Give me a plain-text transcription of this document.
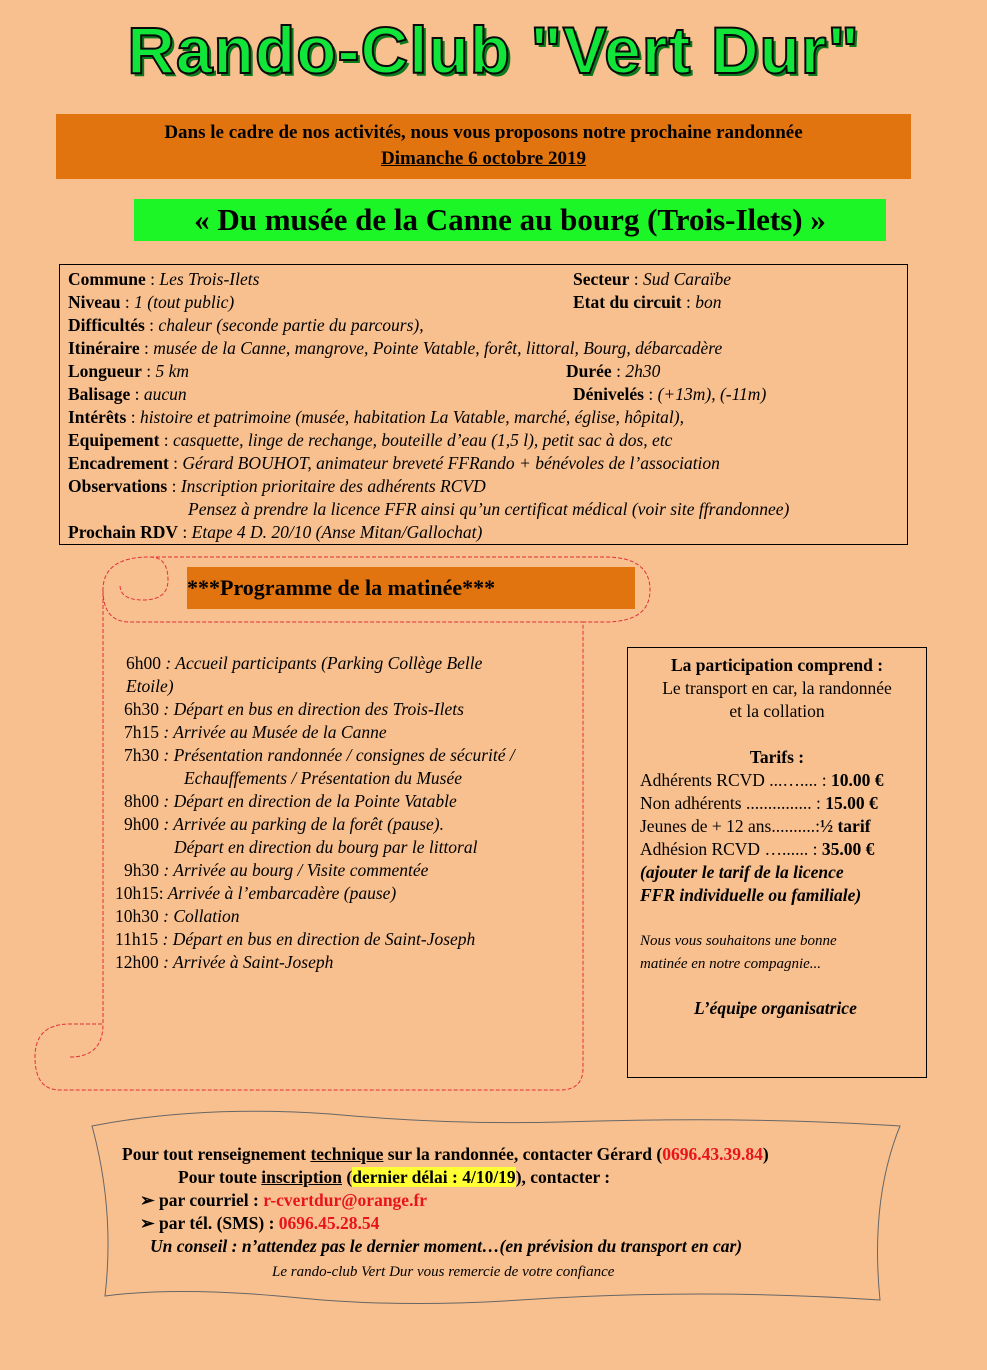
Rando-Club "Vert Dur"
Dans le cadre de nos activités, nous vous proposons notre prochaine randonnée
Dimanche 6 octobre 2019
« Du musée de la Canne au bourg (Trois-Ilets) »
Commune : Les Trois-Ilets	Secteur : Sud Caraïbe
Niveau : 1 (tout public)	Etat du circuit : bon
Difficultés : chaleur (seconde partie du parcours),
Itinéraire : musée de la Canne, mangrove, Pointe Vatable, forêt, littoral, Bourg, débarcadère
Longueur : 5 km	Durée : 2h30
Balisage : aucun	Dénivelés : (+13m), (-11m)
Intérêts : histoire et patrimoine (musée, habitation La Vatable, marché, église, hôpital),
Equipement : casquette, linge de rechange, bouteille d’eau (1,5 l), petit sac à dos, etc
Encadrement : Gérard BOUHOT, animateur breveté FFRando + bénévoles de l’association
Observations : Inscription prioritaire des adhérents RCVD
Pensez à prendre la licence FFR ainsi qu’un certificat médical (voir site ffrandonnee)
Prochain RDV : Etape 4 D. 20/10 (Anse Mitan/Gallochat)
***Programme de la matinée***
6h00 : Accueil participants (Parking Collège Belle
Etoile)
6h30 : Départ en bus en direction des Trois-Ilets
7h15 : Arrivée au Musée de la Canne
7h30 : Présentation randonnée / consignes de sécurité /
Echauffements / Présentation du Musée
8h00 : Départ en direction de la Pointe Vatable
9h00 : Arrivée au parking de la forêt (pause).
Départ en direction du bourg par le littoral
9h30 : Arrivée au bourg / Visite commentée
10h15: Arrivée à l’embarcadère (pause)
10h30 : Collation
11h15 : Départ en bus en direction de Saint-Joseph
12h00 : Arrivée à Saint-Joseph
La participation comprend :
Le transport en car, la randonnée
et la collation
Tarifs :
Adhérents RCVD ...….... : 10.00 €
Non adhérents ............... : 15.00 €
Jeunes de + 12 ans..........:½ tarif
Adhésion RCVD …...... : 35.00 €
(ajouter le tarif de la licence
FFR individuelle ou familiale)
Nous vous souhaitons une bonne
matinée en notre compagnie...
L’équipe organisatrice
Pour tout renseignement technique sur la randonnée, contacter Gérard (0696.43.39.84)
Pour toute inscription (dernier délai : 4/10/19), contacter :
➢ par courriel : r-cvertdur@orange.fr
➢ par tél. (SMS) : 0696.45.28.54
Un conseil : n’attendez pas le dernier moment…(en prévision du transport en car)
Le rando-club Vert Dur vous remercie de votre confiance
